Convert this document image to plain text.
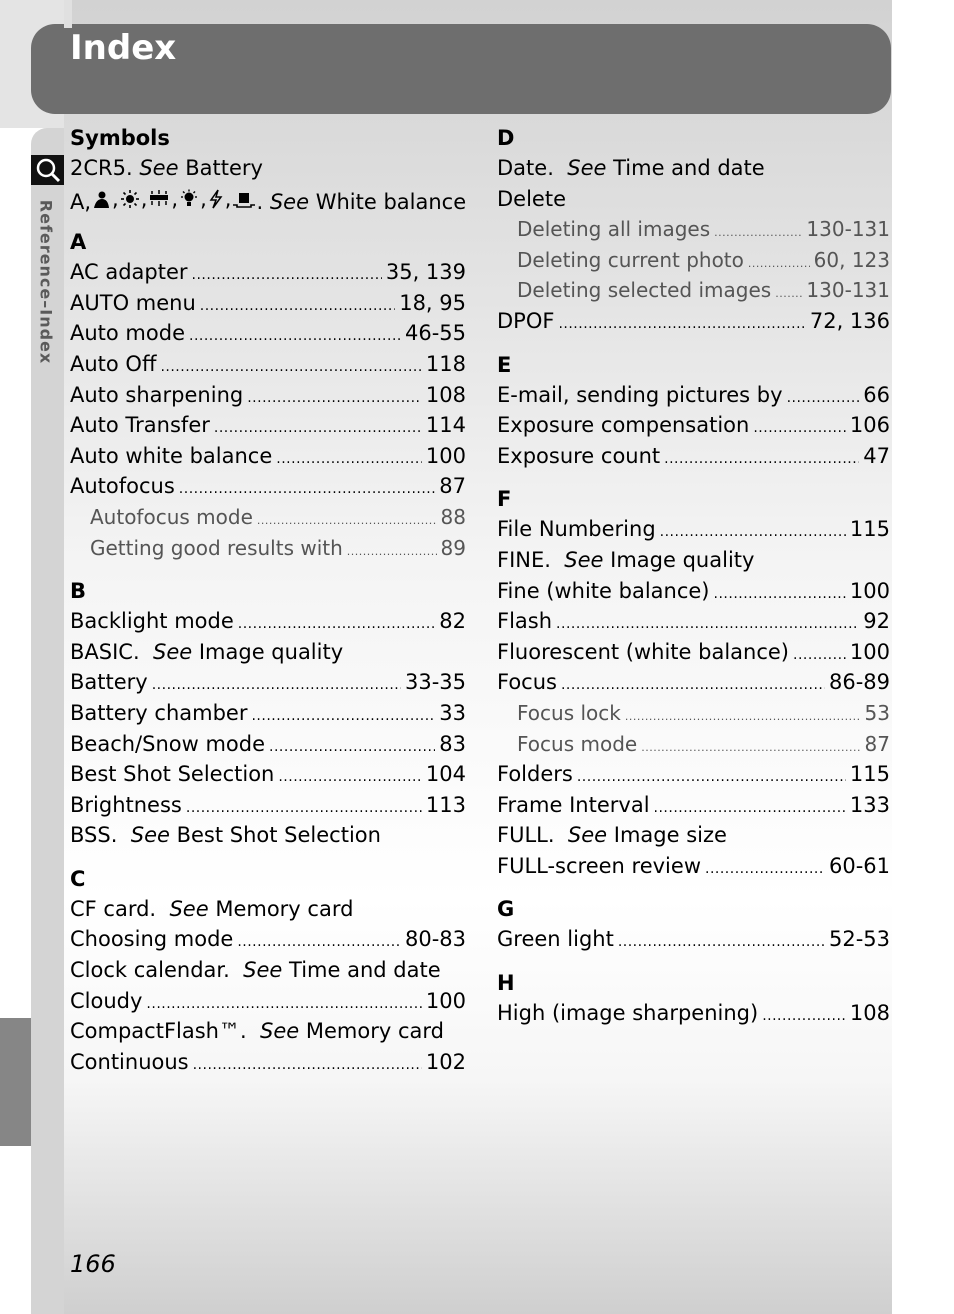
Index
Reference–Index
Symbols
2CR5.
See
Battery
A, , , , , , . See
White balance
A
AC adapter .....	35, 139
AUTO menu .....	18, 95
Auto mode .....	46-55
Auto Off .....	118
Auto sharpening .....	108
Auto Transfer .....	114
Auto white balance .....	100
Autofocus .....	87
Autofocus mode .....	88
Getting good results with .....	89
B
Backlight mode .....	82
BASIC.
See
Image quality
Battery .....	33-35
Battery chamber .....	33
Beach/Snow mode .....	83
Best Shot Selection .....	104
Brightness .....	113
BSS.
See
Best Shot Selection
C
CF card.
See
Memory card
Choosing mode .....	80-83
Clock calendar.
See
Time and date
Cloudy .....	100
CompactFlash™.
See
Memory card
Continuous .....	102
D
Date.
See
Time and date
Delete
Deleting all images .....	130-131
Deleting current photo .....	60, 123
Deleting selected images ..... 130-131
DPOF .....	72, 136
E
E-mail, sending pictures by .....	66
Exposure compensation .....	106
Exposure count .....	47
F
File Numbering .....	115
FINE.
See
Image quality
Fine (white balance) .....	100
Flash .....	92
Fluorescent (white balance) .....	100
Focus .....	86-89
Focus lock .....	53
Focus mode .....	87
Folders .....	115
Frame Interval .....	133
FULL.
See
Image size
FULL-screen review .....	60-61
G
Green light .....	52-53
H
High (image sharpening) .....	108

166
